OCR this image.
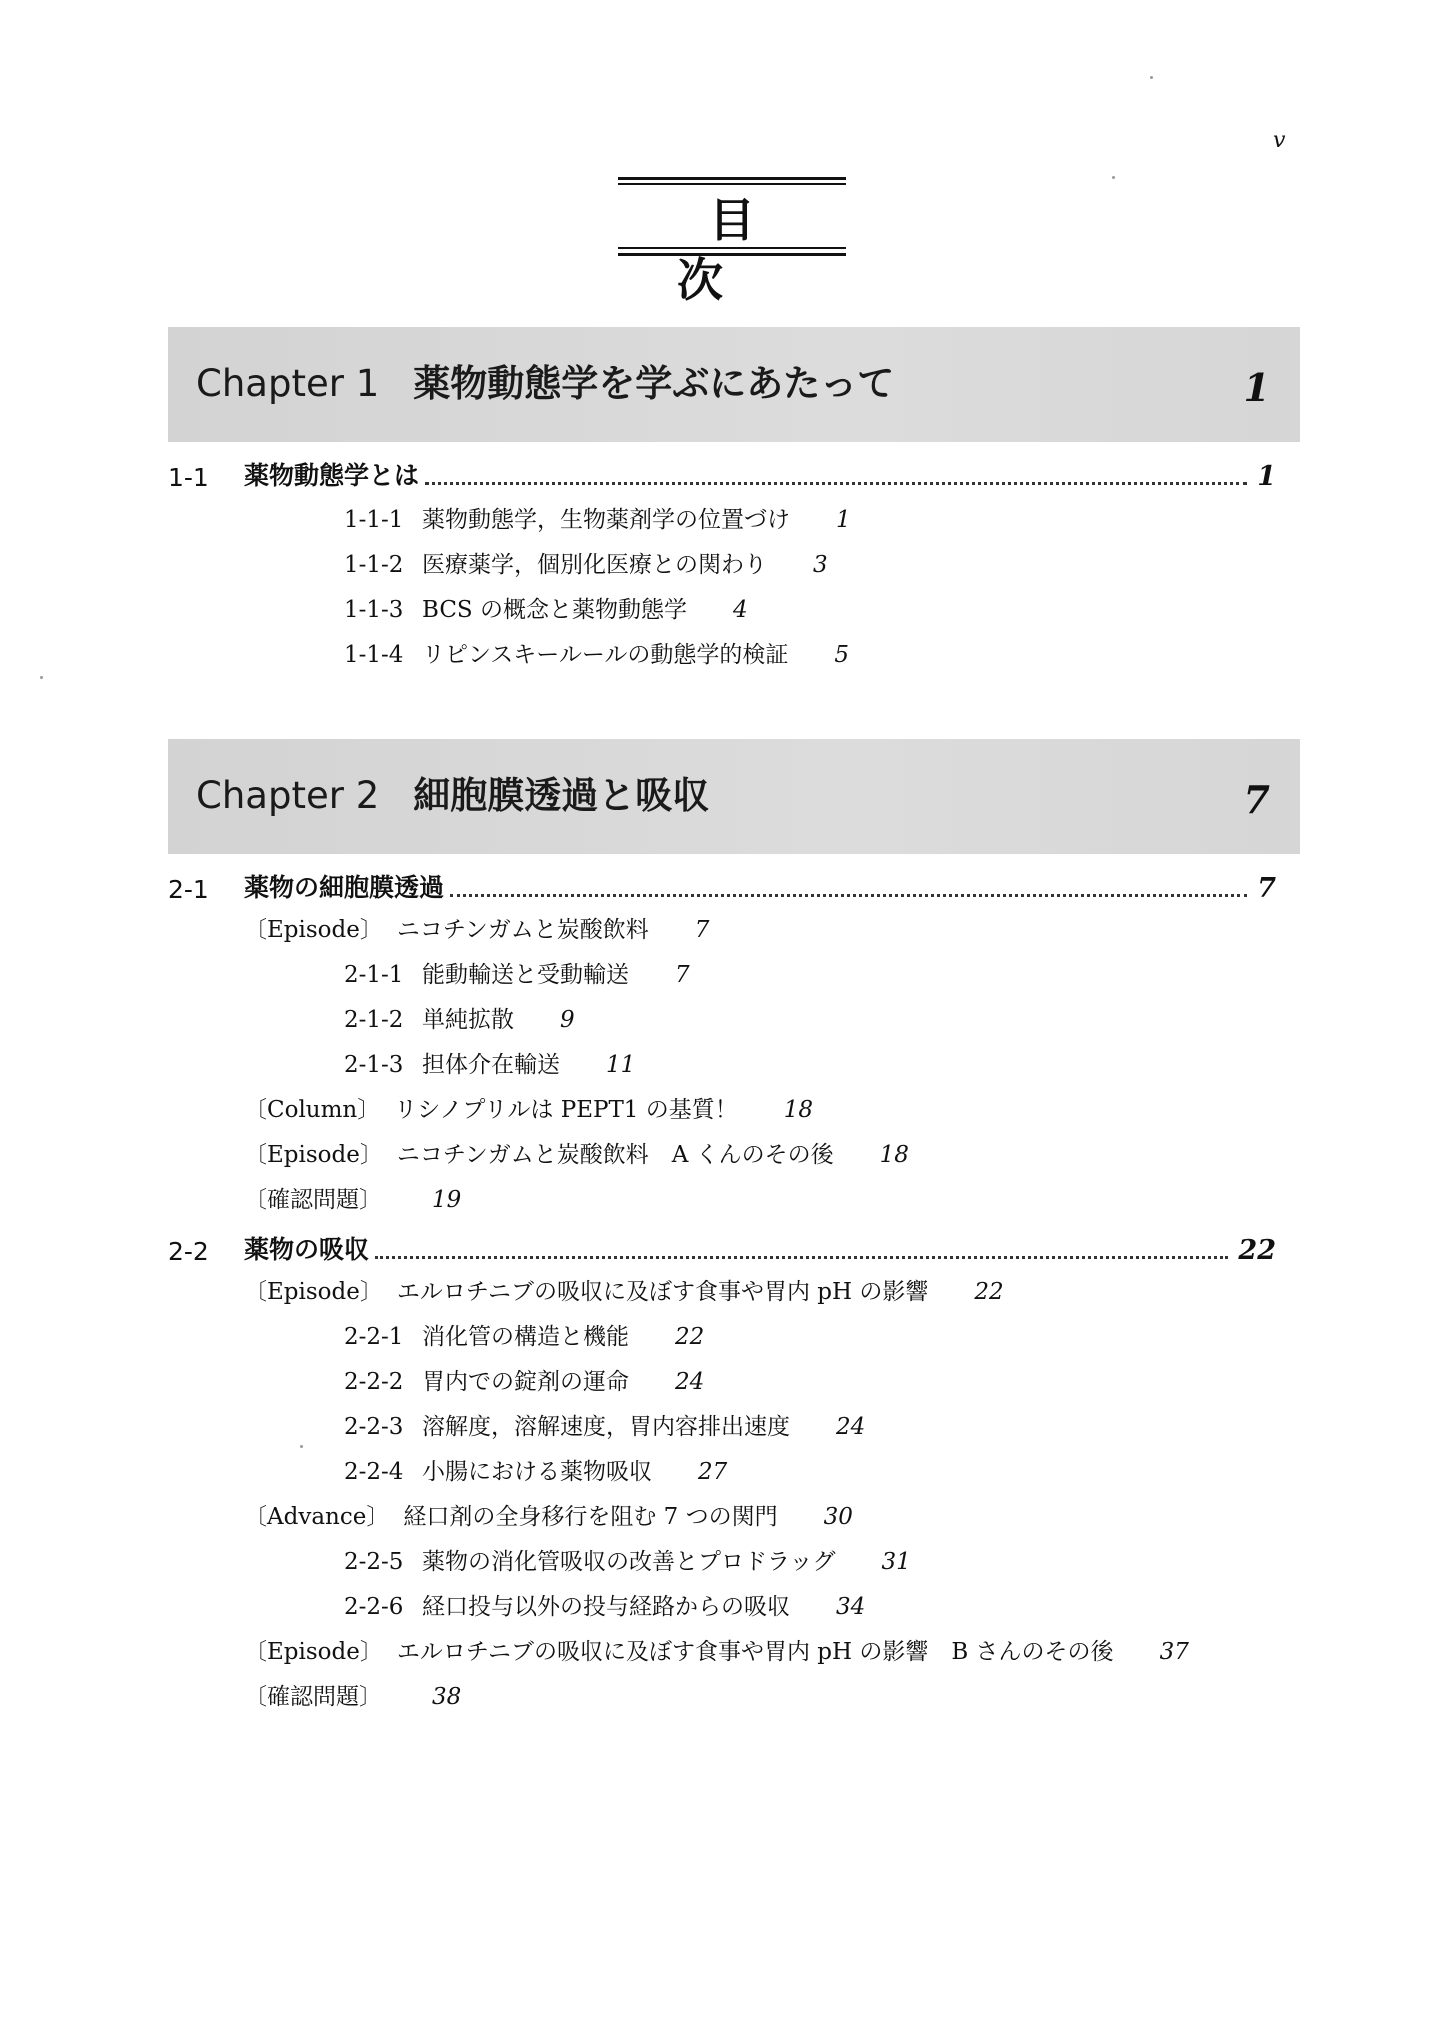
v
目 次
Chapter 1 薬物動態学を学ぶにあたって	1
1-1	薬物動態学とは	1
1-1-1 薬物動態学，生物薬剤学の位置づけ 1
1-1-2 医療薬学，個別化医療との関わり 3
1-1-3 BCS の概念と薬物動態学 4
1-1-4 リピンスキールールの動態学的検証 5
Chapter 2 細胞膜透過と吸収	7
2-1	薬物の細胞膜透過	7
〔Episode〕 ニコチンガムと炭酸飲料 7
2-1-1 能動輸送と受動輸送 7
2-1-2 単純拡散 9
2-1-3 担体介在輸送 11
〔Column〕 リシノプリルは PEPT1 の基質！ 18
〔Episode〕 ニコチンガムと炭酸飲料　A くんのその後 18
〔確認問題〕 19
2-2	薬物の吸収	22
〔Episode〕 エルロチニブの吸収に及ぼす食事や胃内 pH の影響 22
2-2-1 消化管の構造と機能 22
2-2-2 胃内での錠剤の運命 24
2-2-3 溶解度，溶解速度，胃内容排出速度 24
2-2-4 小腸における薬物吸収 27
〔Advance〕 経口剤の全身移行を阻む 7 つの関門 30
2-2-5 薬物の消化管吸収の改善とプロドラッグ 31
2-2-6 経口投与以外の投与経路からの吸収 34
〔Episode〕 エルロチニブの吸収に及ぼす食事や胃内 pH の影響　B さんのその後 37
〔確認問題〕 38
